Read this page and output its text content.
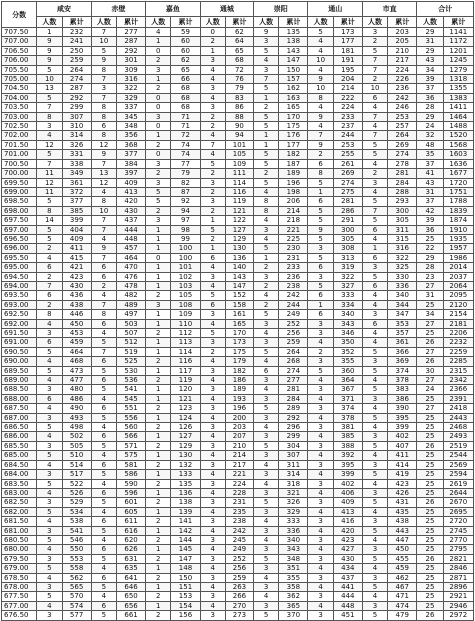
分数	咸安		赤壁		嘉鱼		通城		崇阳		通山		市直		合计	
	人数	累计	人数	累计	人数	累计	人数	累计	人数	累计	人数	累计	人数	累计	人数	累计
707.50	1	232	7	277	4	59	0	62	9	135	5	173	3	203	29	1141
707.00	9	241	10	287	1	60	2	64	3	138	4	177	2	205	31	1172
706.50	9	250	5	292	0	60	1	65	5	143	4	181	5	210	29	1201
706.00	9	259	9	301	2	62	3	68	4	147	10	191	7	217	43	1245
705.50	5	264	8	309	3	65	4	72	3	150	4	195	7	224	34	1279
705.00	10	274	7	316	1	66	4	76	7	157	9	204	2	226	39	1318
704.50	13	287	3	322	2	68	3	79	5	162	10	214	10	236	37	1355
704.00	5	292	7	329	0	68	4	83	1	163	8	222	6	242	36	1383
703.50	7	299	8	337	0	68	3	86	2	165	4	224	4	246	28	1411
703.00	8	307	8	345	3	71	2	88	5	170	9	233	7	253	29	1464
702.50	3	310	6	348	0	71	2	90	5	175	4	237	4	257	24	1488
702.00	4	314	8	356	1	72	4	94	1	176	7	244	7	264	32	1520
701.50	12	326	12	368	2	74	7	101	1	177	9	253	5	269	48	1568
701.00	5	331	9	377	0	74	4	105	5	182	2	255	5	274	35	1603
700.50	7	338	7	384	3	77	5	109	5	187	6	261	4	278	37	1636
700.00	11	349	13	397	2	79	2	111	2	189	8	269	2	281	41	1677
699.50	12	361	12	409	3	82	3	114	5	196	5	274	3	284	43	1720
699.00	11	372	4	413	5	87	2	116	4	198	1	275	4	288	31	1751
698.50	5	377	8	420	5	92	3	119	8	206	6	281	5	293	37	1788
698.00	8	385	10	430	2	94	2	121	8	214	5	286	7	300	42	1839
697.50	14	399	7	437	3	97	1	122	4	218	5	291	5	305	39	1874
697.00	5	404	7	444	1	98	5	127	3	221	9	300	6	311	36	1910
696.50	5	409	4	448	1	99	2	129	4	225	5	305	4	315	25	1935
696.00	2	411	9	457	1	100	1	130	5	230	3	308	1	316	22	1957
695.50	4	415	7	464	0	100	6	136	1	231	5	313	6	322	29	1986
695.00	6	421	6	470	1	101	4	140	2	233	6	319	3	325	28	2014
694.50	2	423	6	476	1	102	3	143	3	236	3	322	5	330	23	2037
694.00	7	430	2	478	1	103	4	147	2	238	5	327	6	336	27	2064
693.50	6	436	4	482	2	105	5	152	4	242	6	333	4	340	31	2095
693.00	2	438	7	489	3	108	6	158	2	244	1	334	4	344	25	2120
692.50	8	446	8	497	1	109	3	161	5	249	6	340	3	347	34	2154
692.00	4	450	6	503	1	110	4	165	3	252	3	343	6	353	27	2181
691.50	3	453	4	507	2	112	5	170	4	256	3	346	4	357	25	2206
691.00	6	459	5	512	1	113	3	173	3	259	4	350	4	361	26	2232
690.50	5	464	7	519	1	114	2	175	5	264	2	352	5	366	27	2259
690.00	4	468	6	525	2	116	4	179	4	268	3	355	3	369	26	2285
689.50	5	473	5	530	1	117	3	182	6	274	5	360	5	374	30	2315
689.00	4	477	6	536	2	119	4	186	3	277	4	364	4	378	27	2342
688.50	3	480	5	541	1	120	3	189	4	281	3	367	5	383	24	2366
688.00	6	486	4	545	1	121	4	193	3	284	4	371	3	386	25	2391
687.50	4	490	6	551	2	123	3	196	5	289	3	374	4	390	27	2418
687.00	3	493	5	556	1	124	4	200	3	292	4	378	5	395	25	2443
686.50	5	498	4	560	2	126	3	203	4	296	3	381	4	399	25	2468
686.00	4	502	6	566	1	127	4	207	3	299	4	385	3	402	25	2493
685.50	3	505	5	571	2	129	3	210	5	304	3	388	5	407	26	2519
685.00	5	510	4	575	1	130	4	214	3	307	4	392	4	411	25	2544
684.50	4	514	6	581	2	132	3	217	4	311	3	395	3	414	25	2569
684.00	3	517	5	586	1	133	4	221	3	314	4	399	5	419	25	2594
683.50	5	522	4	590	2	135	3	224	4	318	3	402	4	423	25	2619
683.00	4	526	6	596	1	136	4	228	3	321	4	406	3	426	25	2644
682.50	3	529	5	601	2	138	3	231	5	326	3	409	5	431	26	2670
682.00	5	534	4	605	1	139	4	235	3	329	4	413	4	435	25	2695
681.50	4	538	6	611	2	141	3	238	4	333	3	416	3	438	25	2720
681.00	3	541	5	616	1	142	4	242	3	336	4	420	5	443	25	2745
680.50	5	546	4	620	2	144	3	245	4	340	3	423	4	447	25	2770
680.00	4	550	6	626	1	145	4	249	3	343	4	427	3	450	25	2795
679.50	3	553	5	631	2	147	3	252	5	348	3	430	5	455	26	2821
679.00	5	558	4	635	1	148	4	256	3	351	4	434	4	459	25	2846
678.50	4	562	6	641	2	150	3	259	4	355	3	437	3	462	25	2871
678.00	3	565	5	646	1	151	4	263	3	358	4	441	5	467	25	2896
677.50	5	570	4	650	2	153	3	266	4	362	3	444	4	471	25	2921
677.00	4	574	6	656	1	154	4	270	3	365	4	448	3	474	25	2946
676.50	3	577	5	661	2	156	3	273	5	370	3	451	5	479	26	2972
